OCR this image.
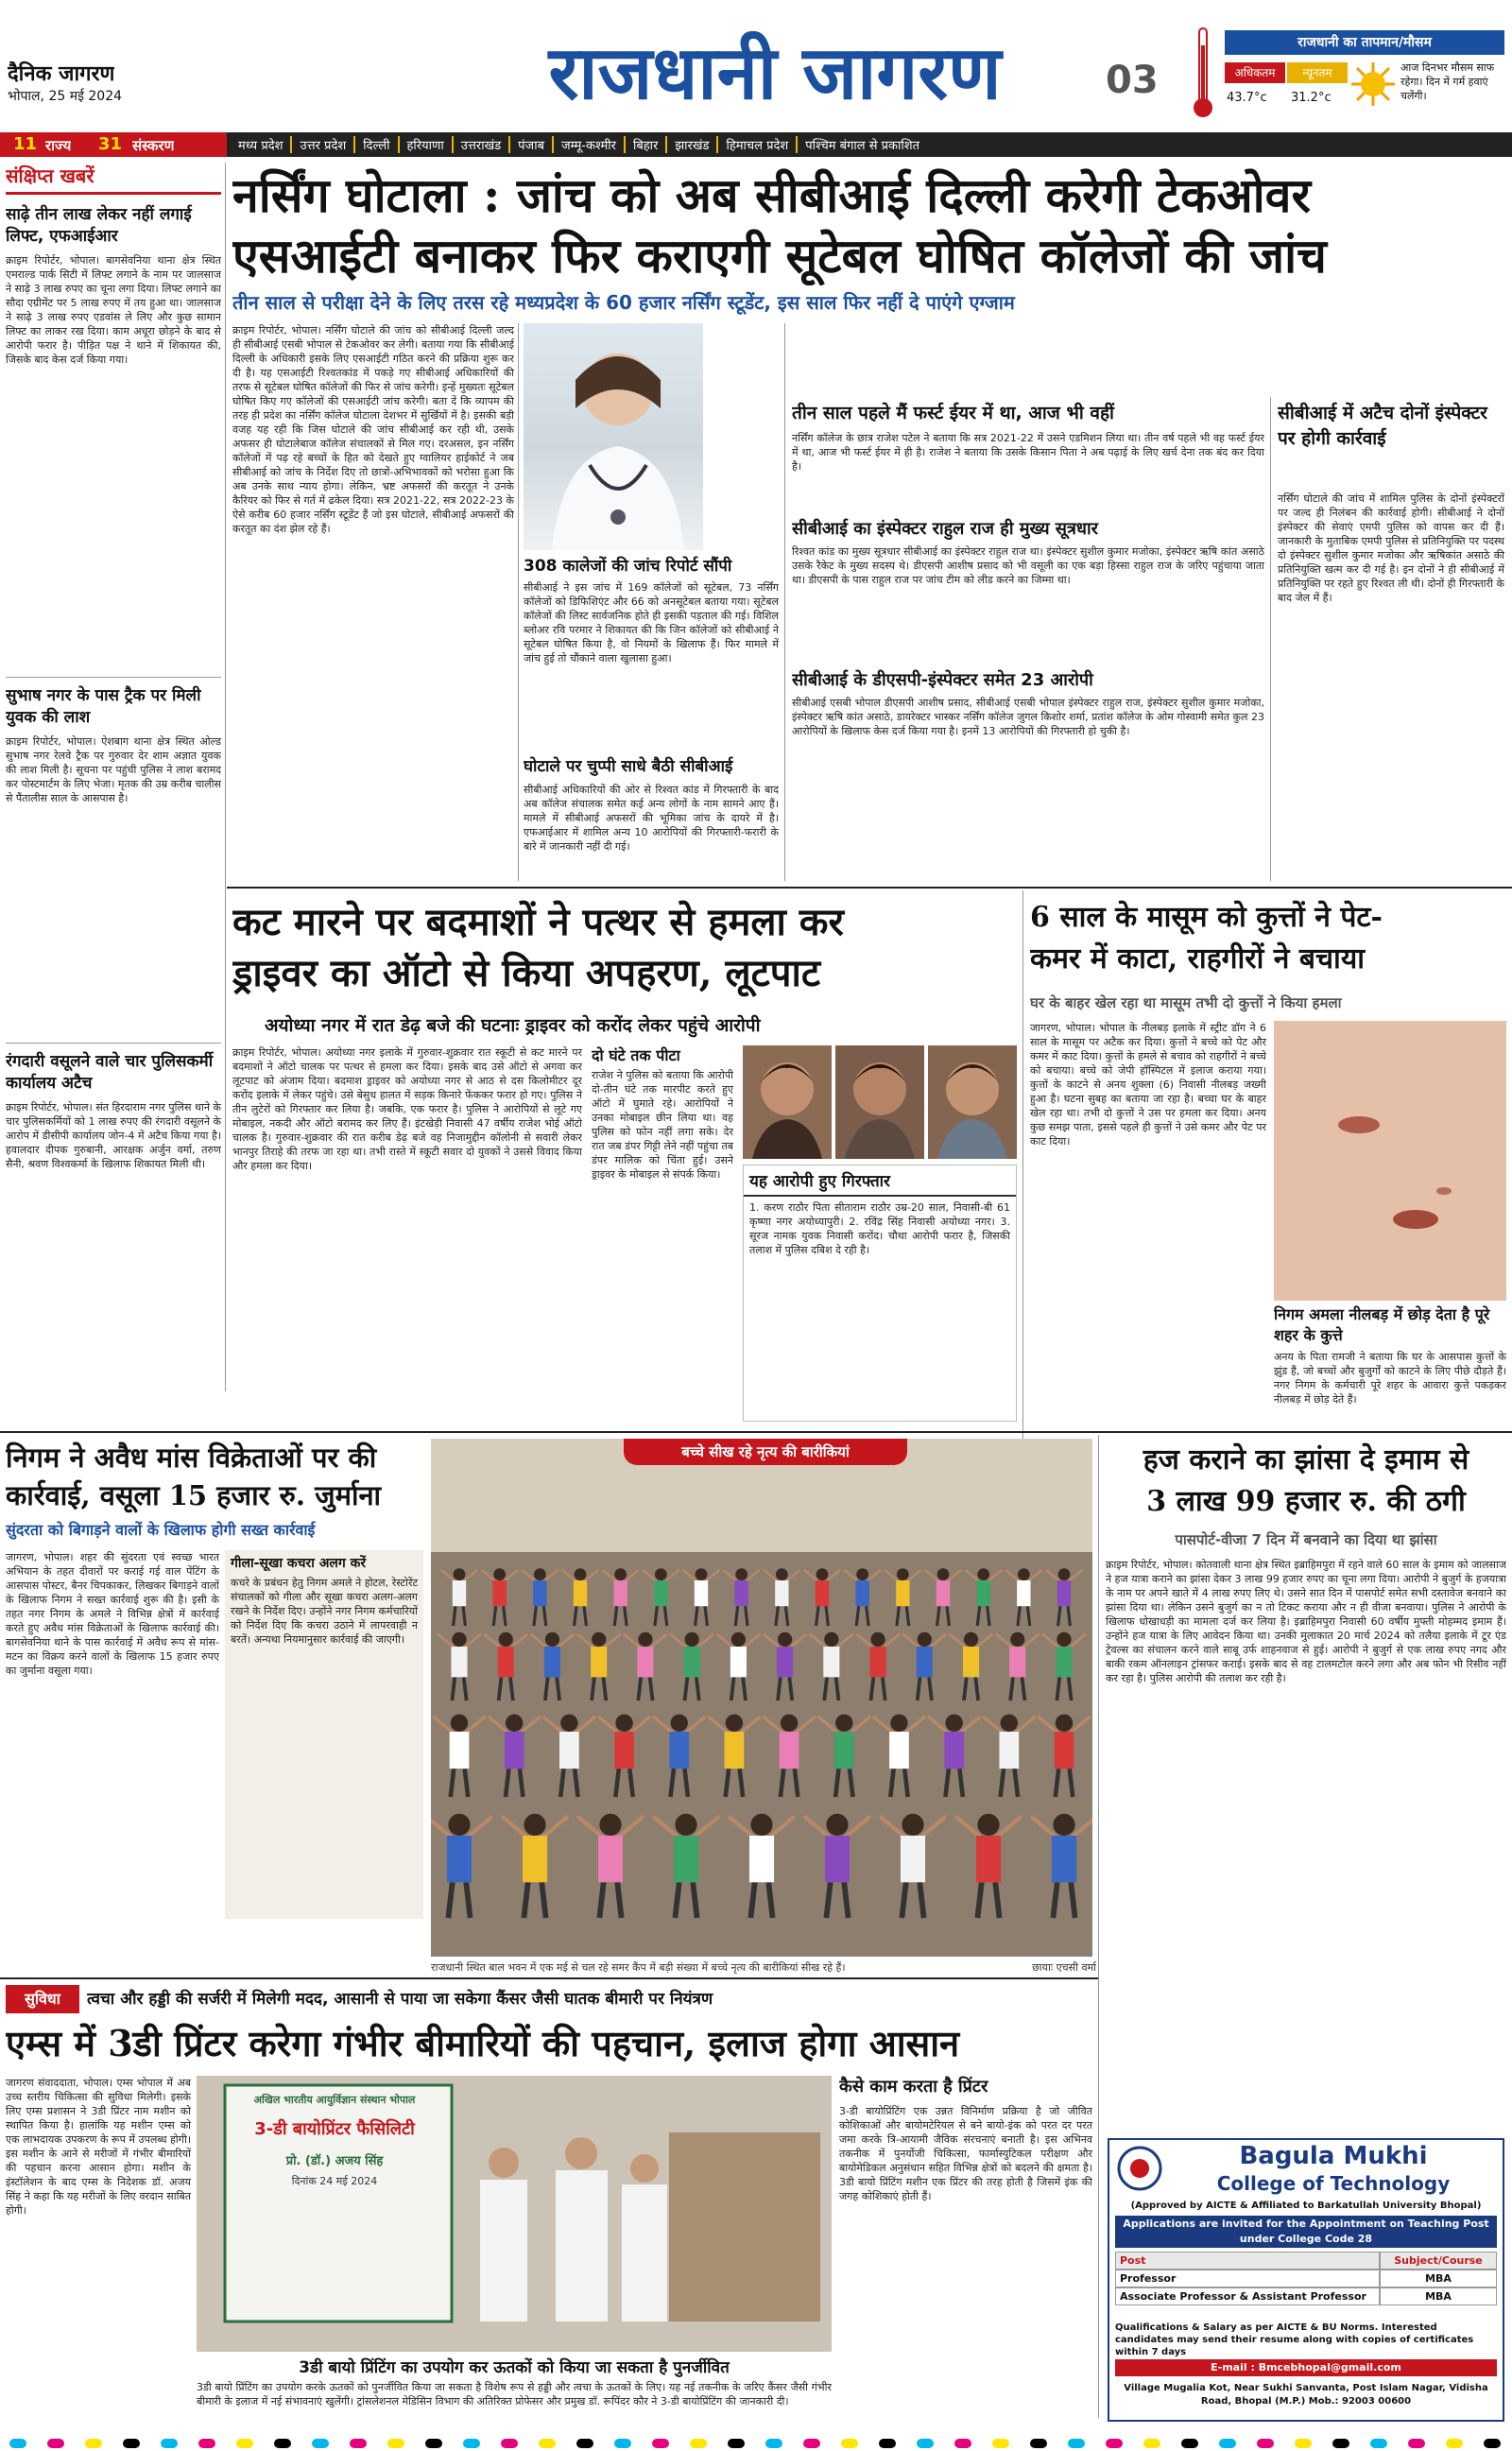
दैनिक जागरण
भोपाल, 25 मई 2024	राजधानी जागरण	03
राजधानी का तापमान/मौसम
अधिकतम	न्यूनतम
43.7°c 31.2°c
आज दिनभर मौसम साफ रहेगा। दिन में गर्म हवाएं चलेंगी।
11 राज्य 31 संस्करण	मध्य प्रदेश	उत्तर प्रदेश	दिल्ली	हरियाणा	उत्तराखंड	पंजाब	जम्मू-कश्मीर	बिहार	झारखंड	हिमाचल प्रदेश	पश्चिम बंगाल से प्रकाशित
संक्षिप्त खबरें
साढ़े तीन लाख लेकर नहीं लगाई लिफ्ट, एफआईआर
क्राइम रिपोर्टर, भोपाल। बागसेवनिया थाना क्षेत्र स्थित एमराल्ड पार्क सिटी में लिफ्ट लगाने के नाम पर जालसाज ने साढ़े 3 लाख रुपए का चूना लगा दिया। लिफ्ट लगाने का सौदा एग्रीमेंट पर 5 लाख रुपए में तय हुआ था। जालसाज ने साढ़े 3 लाख रुपए एडवांस ले लिए और कुछ सामान लिफ्ट का लाकर रख दिया। काम अधूरा छोड़ने के बाद से आरोपी फरार है। पीड़ित पक्ष ने थाने में शिकायत की, जिसके बाद केस दर्ज किया गया।
सुभाष नगर के पास ट्रैक पर मिली युवक की लाश
क्राइम रिपोर्टर, भोपाल। ऐशबाग थाना क्षेत्र स्थित ओल्ड सुभाष नगर रेलवे ट्रैक पर गुरुवार देर शाम अज्ञात युवक की लाश मिली है। सूचना पर पहुंची पुलिस ने लाश बरामद कर पोस्टमार्टम के लिए भेजा। मृतक की उम्र करीब चालीस से पैंतालीस साल के आसपास है।
रंगदारी वसूलने वाले चार पुलिसकर्मी कार्यालय अटैच
क्राइम रिपोर्टर, भोपाल। संत हिरदाराम नगर पुलिस थाने के चार पुलिसकर्मियों को 1 लाख रुपए की रंगदारी वसूलने के आरोप में डीसीपी कार्यालय जोन-4 में अटैच किया गया है। हवालदार दीपक गुरुबानी, आरक्षक अर्जुन वर्मा, तरुण सैनी, श्रवण विश्वकर्मा के खिलाफ शिकायत मिली थी।
नर्सिंग घोटाला : जांच को अब सीबीआई दिल्ली करेगी टेकओवर
एसआईटी बनाकर फिर कराएगी सूटेबल घोषित कॉलेजों की जांच
तीन साल से परीक्षा देने के लिए तरस रहे मध्यप्रदेश के 60 हजार नर्सिंग स्टूडेंट, इस साल फिर नहीं दे पाएंगे एग्जाम
क्राइम रिपोर्टर, भोपाल। नर्सिंग घोटाले की जांच को सीबीआई दिल्ली जल्द ही सीबीआई एसबी भोपाल से टेकओवर कर लेगी। बताया गया कि सीबीआई दिल्ली के अधिकारी इसके लिए एसआईटी गठित करने की प्रक्रिया शुरू कर दी है। यह एसआईटी रिश्वतकांड में पकड़े गए सीबीआई अधिकारियों की तरफ से सूटेबल घोषित कॉलेजों की फिर से जांच करेगी। इन्हें मुख्यतः सूटेबल घोषित किए गए कॉलेजों की एसआईटी जांच करेगी। बता दें कि व्यापम की तरह ही प्रदेश का नर्सिंग कॉलेज घोटाला देशभर में सुर्खियों में है। इसकी बड़ी वजह यह रही कि जिस घोटाले की जांच सीबीआई कर रही थी, उसके अफसर ही घोटालेबाज कॉलेज संचालकों से मिल गए। दरअसल, इन नर्सिंग कॉलेजों में पढ़ रहे बच्चों के हित को देखते हुए ग्वालियर हाईकोर्ट ने जब सीबीआई को जांच के निर्देश दिए तो छात्रों-अभिभावकों को भरोसा हुआ कि अब उनके साथ न्याय होगा। लेकिन, भ्रष्ट अफसरों की करतूत ने उनके कैरियर को फिर से गर्त में ढकेल दिया। सत्र 2021-22, सत्र 2022-23 के ऐसे करीब 60 हजार नर्सिंग स्टूडेंट हैं जो इस घोटाले, सीबीआई अफसरों की करतूत का दंश झेल रहे हैं।
308 कालेजों की जांच रिपोर्ट सौंपी
सीबीआई ने इस जांच में 169 कॉलेजों को सूटेबल, 73 नर्सिंग कॉलेजों को डिफिशिएंट और 66 को अनसूटेबल बताया गया। सूटेबल कॉलेजों की लिस्ट सार्वजनिक होते ही इसकी पड़ताल की गई। विशिल ब्लोअर रवि परमार ने शिकायत की कि जिन कॉलेजों को सीबीआई ने सूटेबल घोषित किया है, वो नियमों के खिलाफ हैं। फिर मामले में जांच हुई तो चौंकाने वाला खुलासा हुआ।
घोटाले पर चुप्पी साधे बैठी सीबीआई
सीबीआई अधिकारियों की ओर से रिश्वत कांड में गिरफ्तारी के बाद अब कॉलेज संचालक समेत कई अन्य लोगों के नाम सामने आए हैं। मामले में सीबीआई अफसरों की भूमिका जांच के दायरे में है। एफआईआर में शामिल अन्य 10 आरोपियों की गिरफ्तारी-फरारी के बारे में जानकारी नहीं दी गई।
तीन साल पहले मैं फर्स्ट ईयर में था, आज भी वहीं
नर्सिंग कॉलेज के छात्र राजेश पटेल ने बताया कि सत्र 2021-22 में उसने एडमिशन लिया था। तीन वर्ष पहले भी वह फर्स्ट ईयर में था, आज भी फर्स्ट ईयर में ही है। राजेश ने बताया कि उसके किसान पिता ने अब पढ़ाई के लिए खर्च देना तक बंद कर दिया है।
सीबीआई का इंस्पेक्टर राहुल राज ही मुख्य सूत्रधार
रिश्वत कांड का मुख्य सूत्रधार सीबीआई का इंस्पेक्टर राहुल राज था। इंस्पेक्टर सुशील कुमार मजोका, इंस्पेक्टर ऋषि कांत असाठे उसके रैकेट के मुख्य सदस्य थे। डीएसपी आशीष प्रसाद को भी वसूली का एक बड़ा हिस्सा राहुल राज के जरिए पहुंचाया जाता था। डीएसपी के पास राहुल राज पर जांच टीम को लीड करने का जिम्मा था।
सीबीआई के डीएसपी-इंस्पेक्टर समेत 23 आरोपी
सीबीआई एसबी भोपाल डीएसपी आशीष प्रसाद, सीबीआई एसबी भोपाल इंस्पेक्टर राहुल राज, इंस्पेक्टर सुशील कुमार मजोका, इंस्पेक्टर ऋषि कांत असाठे, डायरेक्टर भास्कर नर्सिंग कॉलेज जुगल किशोर शर्मा, प्रतांश कॉलेज के ओम गोस्वामी समेत कुल 23 आरोपियों के खिलाफ केस दर्ज किया गया है। इनमें 13 आरोपियों की गिरफ्तारी हो चुकी है।
सीबीआई में अटैच दोनों इंस्पेक्टर पर होगी कार्रवाई
नर्सिंग घोटाले की जांच में शामिल पुलिस के दोनों इंस्पेक्टरों पर जल्द ही निलंबन की कार्रवाई होगी। सीबीआई ने दोनों इंस्पेक्टर की सेवाएं एमपी पुलिस को वापस कर दी हैं। जानकारी के मुताबिक एमपी पुलिस से प्रतिनियुक्ति पर पदस्थ दो इंस्पेक्टर सुशील कुमार मजोका और ऋषिकांत असाठे की प्रतिनियुक्ति खत्म कर दी गई है। इन दोनों ने ही सीबीआई में प्रतिनियुक्ति पर रहते हुए रिश्वत ली थी। दोनों ही गिरफ्तारी के बाद जेल में हैं।
कट मारने पर बदमाशों ने पत्थर से हमला कर
ड्राइवर का ऑटो से किया अपहरण, लूटपाट
अयोध्या नगर में रात डेढ़ बजे की घटनाः ड्राइवर को करोंद लेकर पहुंचे आरोपी
क्राइम रिपोर्टर, भोपाल। अयोध्या नगर इलाके में गुरुवार-शुक्रवार रात स्कूटी से कट मारने पर बदमाशों ने ऑटो चालक पर पत्थर से हमला कर दिया। इसके बाद उसे ऑटो से अगवा कर लूटपाट को अंजाम दिया। बदमाश ड्राइवर को अयोध्या नगर से आठ से दस किलोमीटर दूर करोंद इलाके में लेकर पहुंचे। उसे बेसुध हालत में सड़क किनारे फेंककर फरार हो गए। पुलिस ने तीन लुटेरों को गिरफ्तार कर लिया है। जबकि, एक फरार है। पुलिस ने आरोपियों से लूटे गए मोबाइल, नकदी और ऑटो बरामद कर लिए हैं। इंटखेड़ी निवासी 47 वर्षीय राजेश भोई ऑटो चालक है। गुरुवार-शुक्रवार की रात करीब डेढ़ बजे वह निजामुद्दीन कॉलोनी से सवारी लेकर भानपुर तिराहे की तरफ जा रहा था। तभी रास्ते में स्कूटी सवार दो युवकों ने उससे विवाद किया और हमला कर दिया।
दो घंटे तक पीटा
राजेश ने पुलिस को बताया कि आरोपी दो-तीन घंटे तक मारपीट करते हुए ऑटो में घुमाते रहे। आरोपियों ने उनका मोबाइल छीन लिया था। वह पुलिस को फोन नहीं लगा सके। देर रात जब डंपर गिट्टी लेने नहीं पहुंचा तब डंपर मालिक को चिंता हुई। उसने ड्राइवर के मोबाइल से संपर्क किया।	यह आरोपी हुए गिरफ्तार
1. करण राठौर पिता सीताराम राठौर उम्र-20 साल, निवासी-बी 61 कृष्णा नगर अयोध्यापुरी। 2. रविंद्र सिंह निवासी अयोध्या नगर। 3. सूरज नामक युवक निवासी करोंद। चौथा आरोपी फरार है, जिसकी तलाश में पुलिस दबिश दे रही है।
6 साल के मासूम को कुत्तों ने पेट-
कमर में काटा, राहगीरों ने बचाया
घर के बाहर खेल रहा था मासूम तभी दो कुत्तों ने किया हमला
जागरण, भोपाल। भोपाल के नीलबड़ इलाके में स्ट्रीट डॉग ने 6 साल के मासूम पर अटैक कर दिया। कुत्तों ने बच्चे को पेट और कमर में काट दिया। कुत्तों के हमले से बचाव को राहगीरों ने बच्चे को बचाया। बच्चे को जेपी हॉस्पिटल में इलाज कराया गया। कुत्तों के काटने से अनय शुक्ला (6) निवासी नीलबड़ जख्मी हुआ है। घटना सुबह का बताया जा रहा है। बच्चा घर के बाहर खेल रहा था। तभी दो कुत्तों ने उस पर हमला कर दिया। अनय कुछ समझ पाता, इससे पहले ही कुत्तों ने उसे कमर और पेट पर काट दिया।
निगम अमला नीलबड़ में छोड़ देता है पूरे शहर के कुत्ते
अनय के पिता रामजी ने बताया कि घर के आसपास कुत्तों के झुंड हैं, जो बच्चों और बुजुर्गों को काटने के लिए पीछे दौड़ते हैं। नगर निगम के कर्मचारी पूरे शहर के आवारा कुत्ते पकड़कर नीलबड़ में छोड़ देते हैं।
निगम ने अवैध मांस विक्रेताओं पर की कार्रवाई, वसूला 15 हजार रु. जुर्माना
सुंदरता को बिगाड़ने वालों के खिलाफ होगी सख्त कार्रवाई
जागरण, भोपाल। शहर की सुंदरता एवं स्वच्छ भारत अभियान के तहत दीवारों पर कराई गई वाल पेंटिंग के आसपास पोस्टर, बैनर चिपकाकर, लिखकर बिगाड़ने वालों के खिलाफ निगम ने सख्त कार्रवाई शुरू की है। इसी के तहत नगर निगम के अमले ने विभिन्न क्षेत्रों में कार्रवाई करते हुए अवैध मांस विक्रेताओं के खिलाफ कार्रवाई की। बागसेवनिया थाने के पास कार्रवाई में अवैध रूप से मांस-मटन का विक्रय करने वालों के खिलाफ 15 हजार रुपए का जुर्माना वसूला गया।
गीला-सूखा कचरा अलग करें
कचरे के प्रबंधन हेतु निगम अमले ने होटल, रेस्टोरेंट संचालकों को गीला और सूखा कचरा अलग-अलग रखने के निर्देश दिए। उन्होंने नगर निगम कर्मचारियों को निर्देश दिए कि कचरा उठाने में लापरवाही न बरतें। अन्यथा नियमानुसार कार्रवाई की जाएगी।
बच्चे सीख रहे नृत्य की बारीकियां
राजधानी स्थित बाल भवन में एक मई से चल रहे समर कैंप में बड़ी संख्या में बच्चे नृत्य की बारीकियां सीख रहे हैं।	छायाः एचसी वर्मा
हज कराने का झांसा दे इमाम से
3 लाख 99 हजार रु. की ठगी
पासपोर्ट-वीजा 7 दिन में बनवाने का दिया था झांसा
क्राइम रिपोर्टर, भोपाल। कोतवाली थाना क्षेत्र स्थित इब्राहिमपुरा में रहने वाले 60 साल के इमाम को जालसाज ने हज यात्रा कराने का झांसा देकर 3 लाख 99 हजार रुपए का चूना लगा दिया। आरोपी ने बुजुर्ग के हजयात्रा के नाम पर अपने खाते में 4 लाख रुपए लिए थे। उसने सात दिन में पासपोर्ट समेत सभी दस्तावेज बनवाने का झांसा दिया था। लेकिन उसने बुजुर्ग का न तो टिकट कराया और न ही वीजा बनवाया। पुलिस ने आरोपी के खिलाफ धोखाधड़ी का मामला दर्ज कर लिया है। इब्राहिमपुरा निवासी 60 वर्षीय मुफ्ती मोहम्मद इमाम हैं। उन्होंने हज यात्रा के लिए आवेदन किया था। उनकी मुलाकात 20 मार्च 2024 को तलैया इलाके में टूर एंड ट्रेवल्स का संचालन करने वाले साबू उर्फ शाहनवाज से हुई। आरोपी ने बुजुर्ग से एक लाख रुपए नगद और बाकी रकम ऑनलाइन ट्रांसफर कराई। इसके बाद से वह टालमटोल करने लगा और अब फोन भी रिसीव नहीं कर रहा है। पुलिस आरोपी की तलाश कर रही है।
सुविधा	त्वचा और हड्डी की सर्जरी में मिलेगी मदद, आसानी से पाया जा सकेगा कैंसर जैसी घातक बीमारी पर नियंत्रण
एम्स में 3डी प्रिंटर करेगा गंभीर बीमारियों की पहचान, इलाज होगा आसान
जागरण संवाददाता, भोपाल। एम्स भोपाल में अब उच्च स्तरीय चिकित्सा की सुविधा मिलेगी। इसके लिए एम्स प्रशासन ने 3डी प्रिंटर नाम मशीन को स्थापित किया है। हालांकि यह मशीन एम्स को एक लाभदायक उपकरण के रूप में उपलब्ध होगी। इस मशीन के आने से मरीजों में गंभीर बीमारियों की पहचान करना आसान होगा। मशीन के इंस्टॉलेशन के बाद एम्स के निदेशक डॉ. अजय सिंह ने कहा कि यह मरीजों के लिए वरदान साबित होगी।
अखिल भारतीय आयुर्विज्ञान संस्थान भोपाल
3-डी बायोप्रिंटर फैसिलिटी
प्रो. (डॉ.) अजय सिंह
दिनांक 24 मई 2024
3डी बायो प्रिंटिंग का उपयोग कर ऊतकों को किया जा सकता है पुनर्जीवित
3डी बायो प्रिंटिंग का उपयोग करके ऊतकों को पुनर्जीवित किया जा सकता है विशेष रूप से हड्डी और त्वचा के ऊतकों के लिए। यह नई तकनीक के जरिए कैंसर जैसी गंभीर बीमारी के इलाज में नई संभावनाएं खुलेंगी। ट्रांसलेशनल मेडिसिन विभाग की अतिरिक्त प्रोफेसर और प्रमुख डॉ. रूपिंदर कौर ने 3-डी बायोप्रिंटिंग की जानकारी दी।
कैसे काम करता है प्रिंटर
3-डी बायोप्रिंटिंग एक उन्नत विनिर्माण प्रक्रिया है जो जीवित कोशिकाओं और बायोमटेरियल से बने बायो-इंक को परत दर परत जमा करके त्रि-आयामी जैविक संरचनाएं बनाती है। इस अभिनव तकनीक में पुनर्योजी चिकित्सा, फार्मास्युटिकल परीक्षण और बायोमेडिकल अनुसंधान सहित विभिन्न क्षेत्रों को बदलने की क्षमता है। 3डी बायो प्रिंटिंग मशीन एक प्रिंटर की तरह होती है जिसमें इंक की जगह कोशिकाएं होती हैं।
Bagula Mukhi
College of Technology
(Approved by AICTE & Affiliated to Barkatullah University Bhopal)
Applications are invited for the Appointment on Teaching Post under College Code 28
Post	Subject/Course
Professor	MBA
Associate Professor & Assistant Professor	MBA
Qualifications & Salary as per AICTE & BU Norms. Interested candidates may send their resume along with copies of certificates within 7 days
E-mail : Bmcebhopal@gmail.com
Village Mugalia Kot, Near Sukhi Sanvanta, Post Islam Nagar, Vidisha Road, Bhopal (M.P.) Mob.: 92003 00600
